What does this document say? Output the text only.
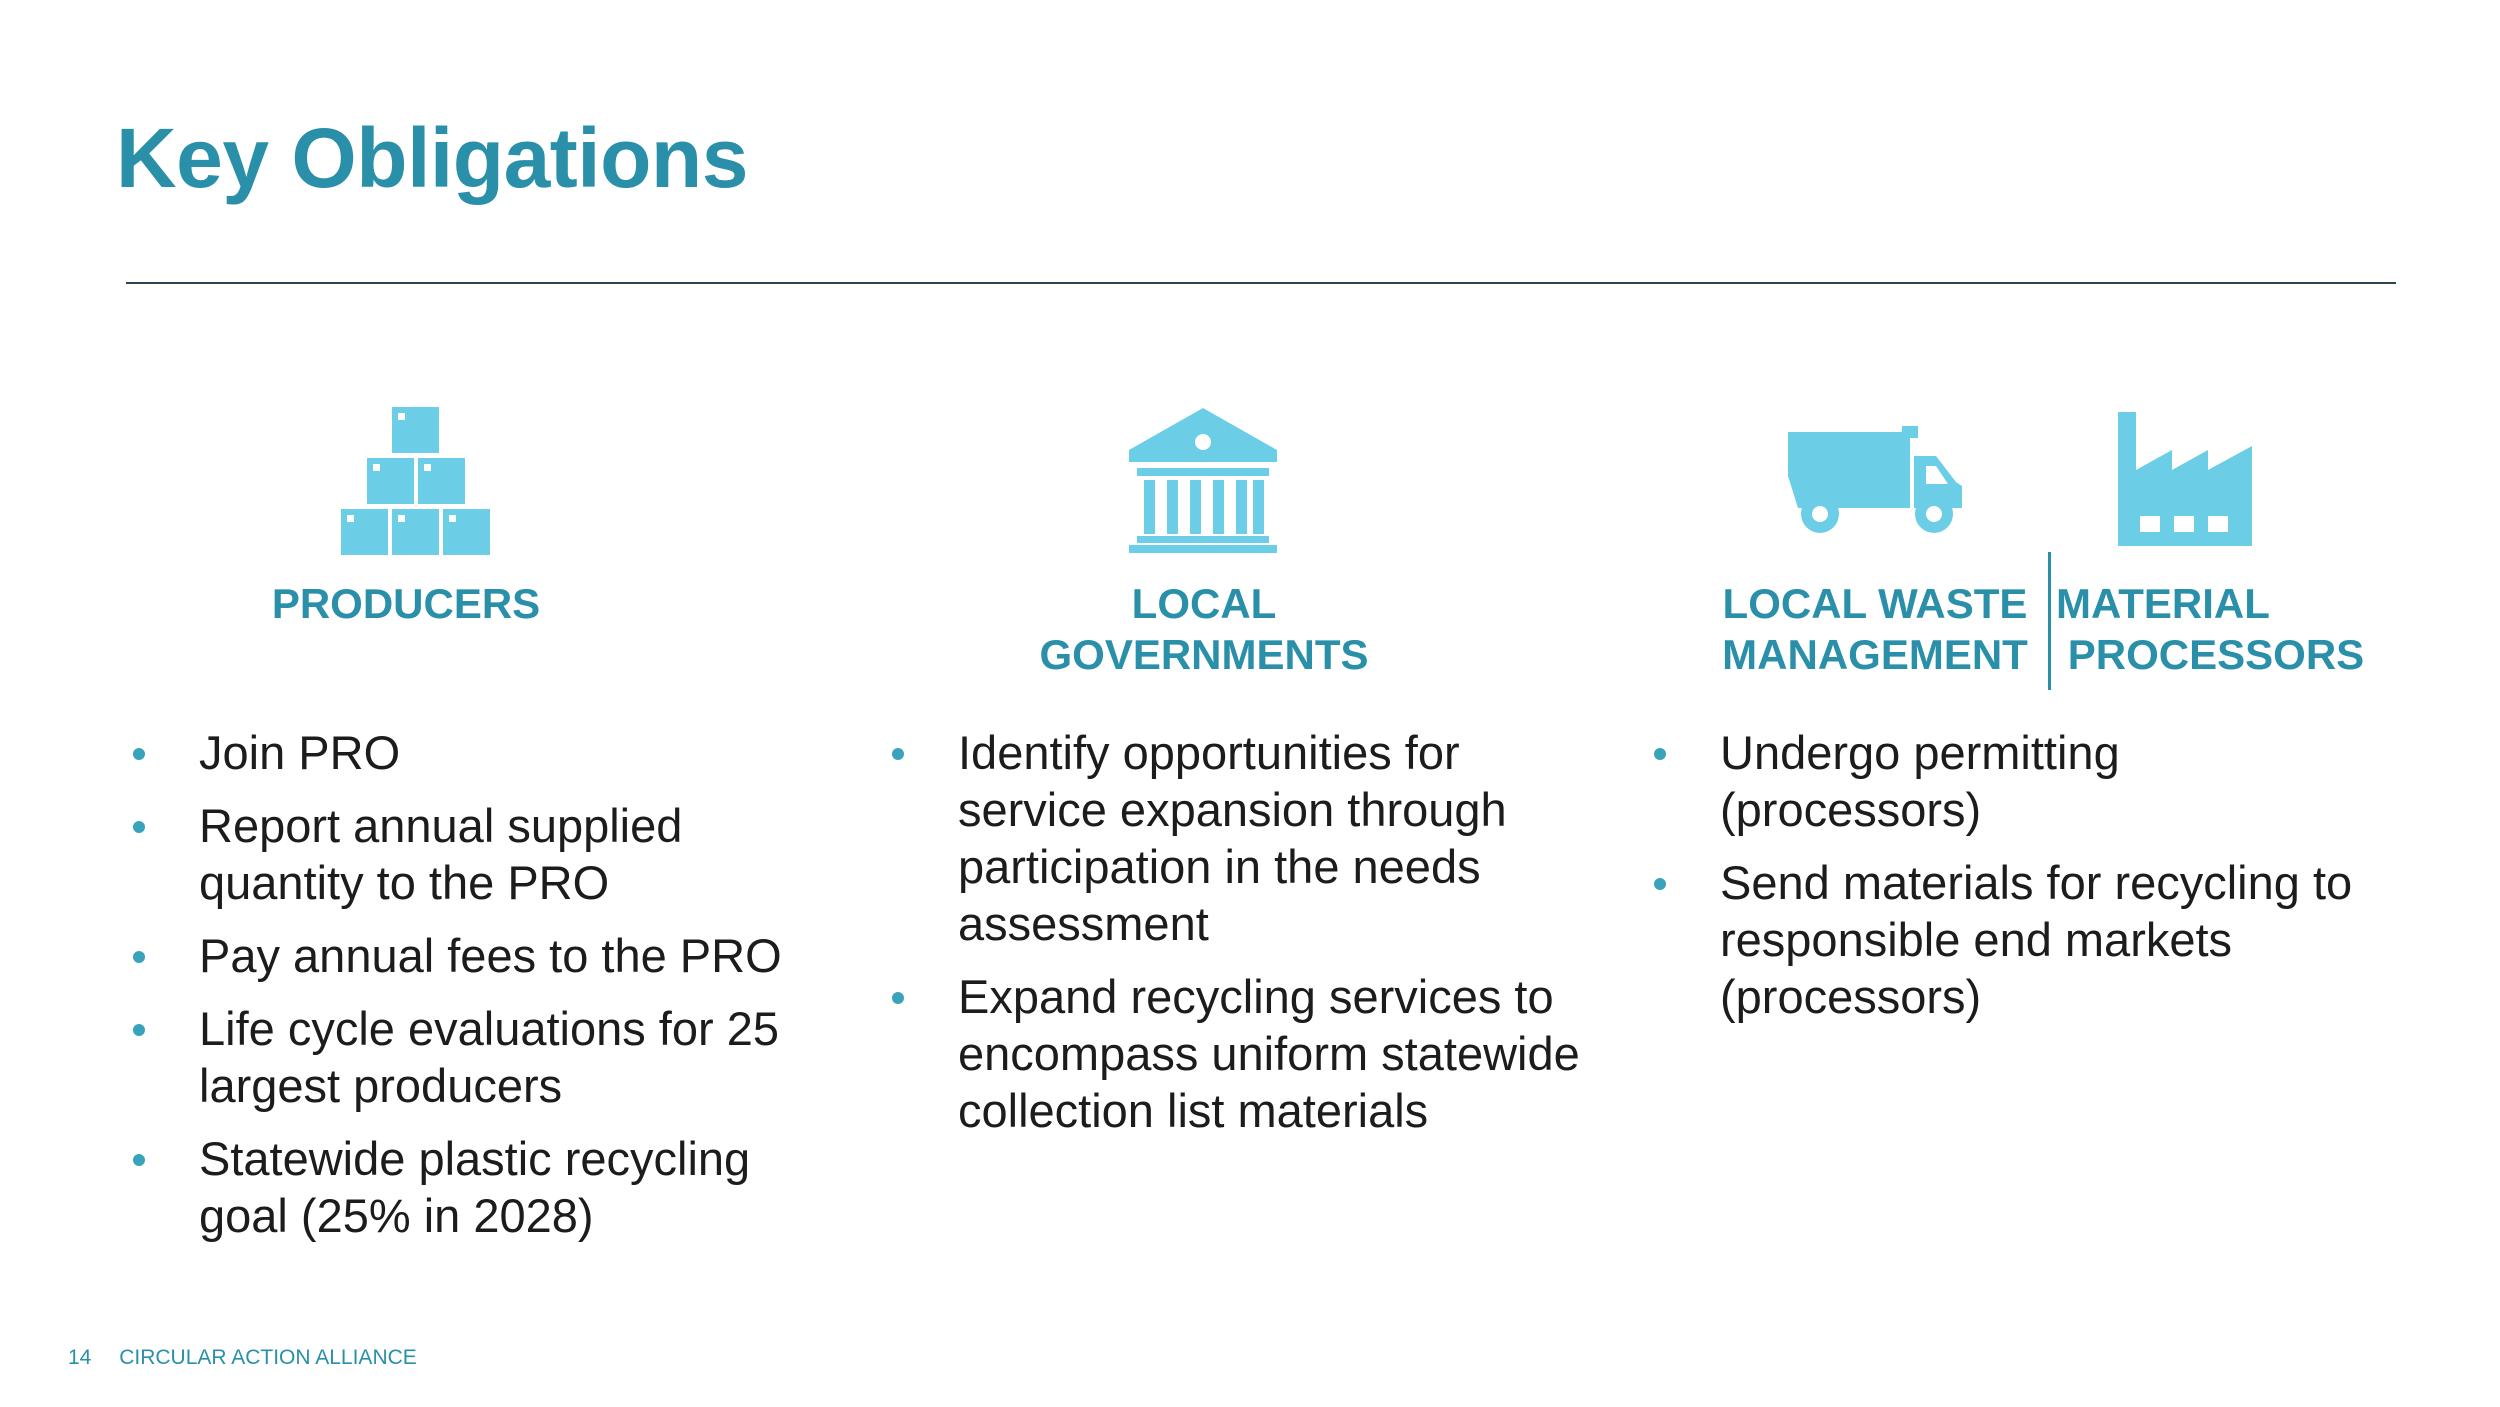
Key Obligations
PRODUCERS
Join PRO
Report annual supplied quantity to the PRO
Pay annual fees to the PRO
Life cycle evaluations for 25 largest producers
Statewide plastic recycling goal (25% in 2028)
LOCAL
GOVERNMENTS
Identify opportunities for service expansion through participation in the needs assessment
Expand recycling services to encompass uniform statewide collection list materials
LOCAL WASTE
MANAGEMENT
MATERIAL
PROCESSORS
Undergo permitting (processors)
Send materials for recycling to responsible end markets (processors)
14 CIRCULAR ACTION ALLIANCE
